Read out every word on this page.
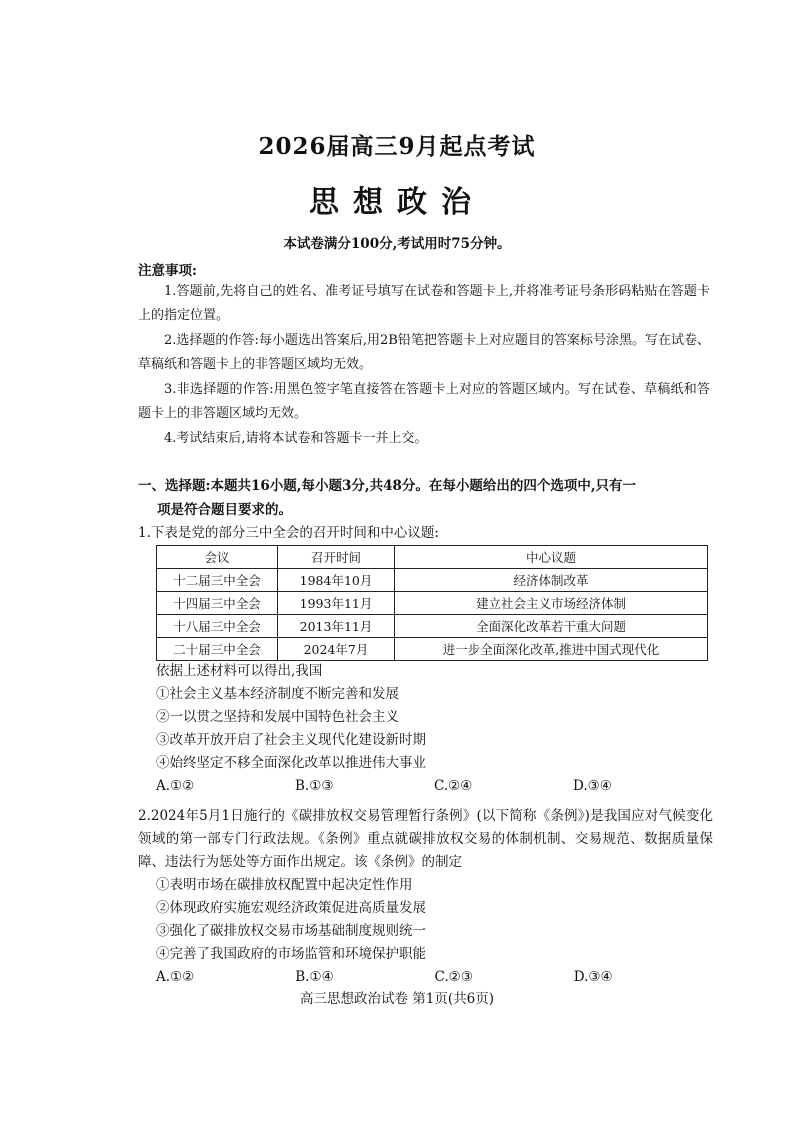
2026届高三9月起点考试
思想政治
本试卷满分100分,考试用时75分钟。
注意事项:

1.答题前,先将自己的姓名、准考证号填写在试卷和答题卡上,并将准考证号条形码粘贴在答题卡上的指定位置。

2.选择题的作答:每小题选出答案后,用2B铅笔把答题卡上对应题目的答案标号涂黑。写在试卷、草稿纸和答题卡上的非答题区域均无效。

3.非选择题的作答:用黑色签字笔直接答在答题卡上对应的答题区域内。写在试卷、草稿纸和答题卡上的非答题区域均无效。

4.考试结束后,请将本试卷和答题卡一并上交。

一、选择题:本题共16小题,每小题3分,共48分。在每小题给出的四个选项中,只有一
项是符合题目要求的。
1.下表是党的部分三中全会的召开时间和中心议题:
会议	召开时间	中心议题
十二届三中全会	1984年10月	经济体制改革
十四届三中全会	1993年11月	建立社会主义市场经济体制
十八届三中全会	2013年11月	全面深化改革若干重大问题
二十届三中全会	2024年7月	进一步全面深化改革,推进中国式现代化
依据上述材料可以得出,我国
①社会主义基本经济制度不断完善和发展
②一以贯之坚持和发展中国特色社会主义
③改革开放开启了社会主义现代化建设新时期
④始终坚定不移全面深化改革以推进伟大事业
A.①②	B.①③	C.②④	D.③④
2.2024年5月1日施行的《碳排放权交易管理暂行条例》(以下简称《条例》)是我国应对气候变化领域的第一部专门行政法规。《条例》重点就碳排放权交易的体制机制、交易规范、数据质量保障、违法行为惩处等方面作出规定。该《条例》的制定
①表明市场在碳排放权配置中起决定性作用
②体现政府实施宏观经济政策促进高质量发展
③强化了碳排放权交易市场基础制度规则统一
④完善了我国政府的市场监管和环境保护职能
A.①②	B.①④	C.②③	D.③④
高三思想政治试卷 第1页(共6页)
